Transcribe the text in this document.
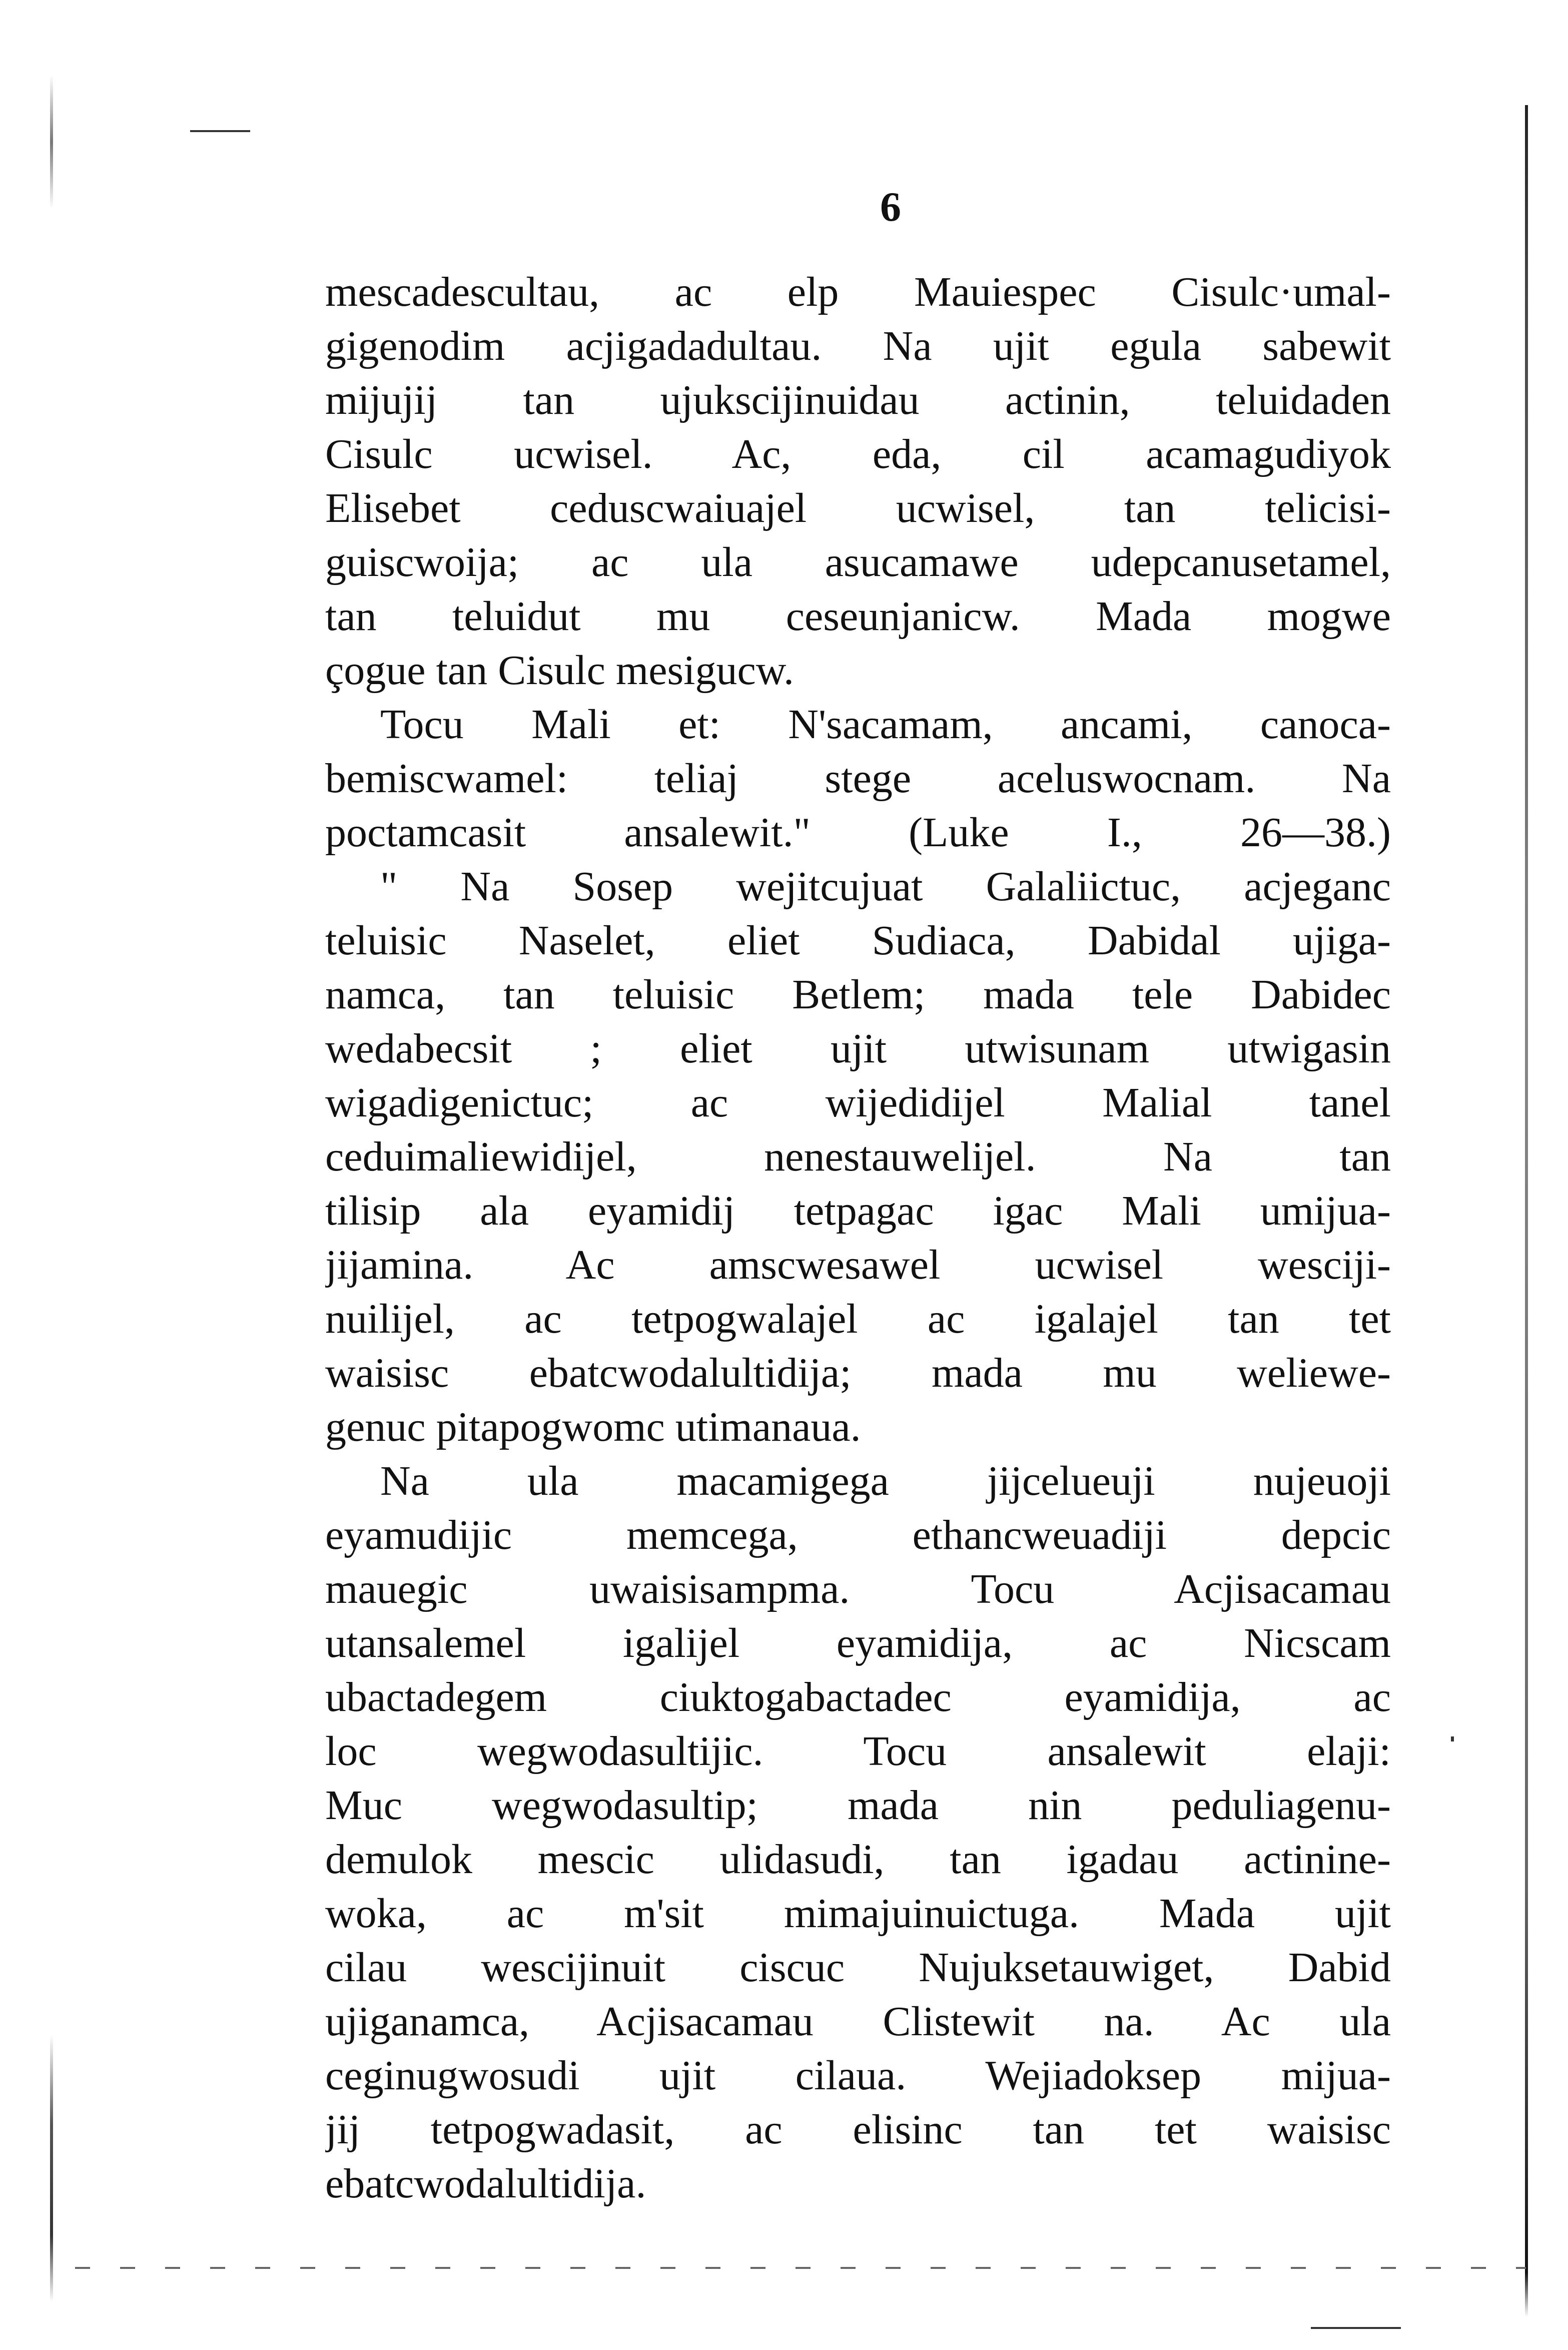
6
mescadescultau, ac elp Mauiespec Cisulc·umal-
gigenodim acjigadadultau. Na ujit egula sabewit
mijujij tan ujukscijinuidau actinin, teluidaden
Cisulc ucwisel. Ac, eda, cil acamagudiyok
Elisebet ceduscwaiuajel ucwisel, tan telicisi-
guiscwoija; ac ula asucamawe udepcanusetamel,
tan teluidut mu ceseunjanicw. Mada mogwe
çogue tan Cisulc mesigucw.
Tocu Mali et: N'sacamam, ancami, canoca-
bemiscwamel: teliaj stege aceluswocnam. Na
poctamcasit ansalewit." (Luke I., 26—38.)
" Na Sosep wejitcujuat Galaliictuc, acjeganc
teluisic Naselet, eliet Sudiaca, Dabidal ujiga-
namca, tan teluisic Betlem; mada tele Dabidec
wedabecsit ; eliet ujit utwisunam utwigasin
wigadigenictuc; ac wijedidijel Malial tanel
ceduimaliewidijel, nenestauwelijel. Na tan
tilisip ala eyamidij tetpagac igac Mali umijua-
jijamina. Ac amscwesawel ucwisel wesciji-
nuilijel, ac tetpogwalajel ac igalajel tan tet
waisisc ebatcwodalultidija; mada mu weliewe-
genuc pitapogwomc utimanaua.
Na ula macamigega jijcelueuji nujeuoji
eyamudijic memcega, ethancweuadiji depcic
mauegic uwaisisampma. Tocu Acjisacamau
utansalemel igalijel eyamidija, ac Nicscam
ubactadegem ciuktogabactadec eyamidija, ac
loc wegwodasultijic. Tocu ansalewit elaji:
Muc wegwodasultip; mada nin peduliagenu-
demulok mescic ulidasudi, tan igadau actinine-
woka, ac m'sit mimajuinuictuga. Mada ujit
cilau wescijinuit ciscuc Nujuksetauwiget, Dabid
ujiganamca, Acjisacamau Clistewit na. Ac ula
ceginugwosudi ujit cilaua. Wejiadoksep mijua-
jij tetpogwadasit, ac elisinc tan tet waisisc
ebatcwodalultidija.
